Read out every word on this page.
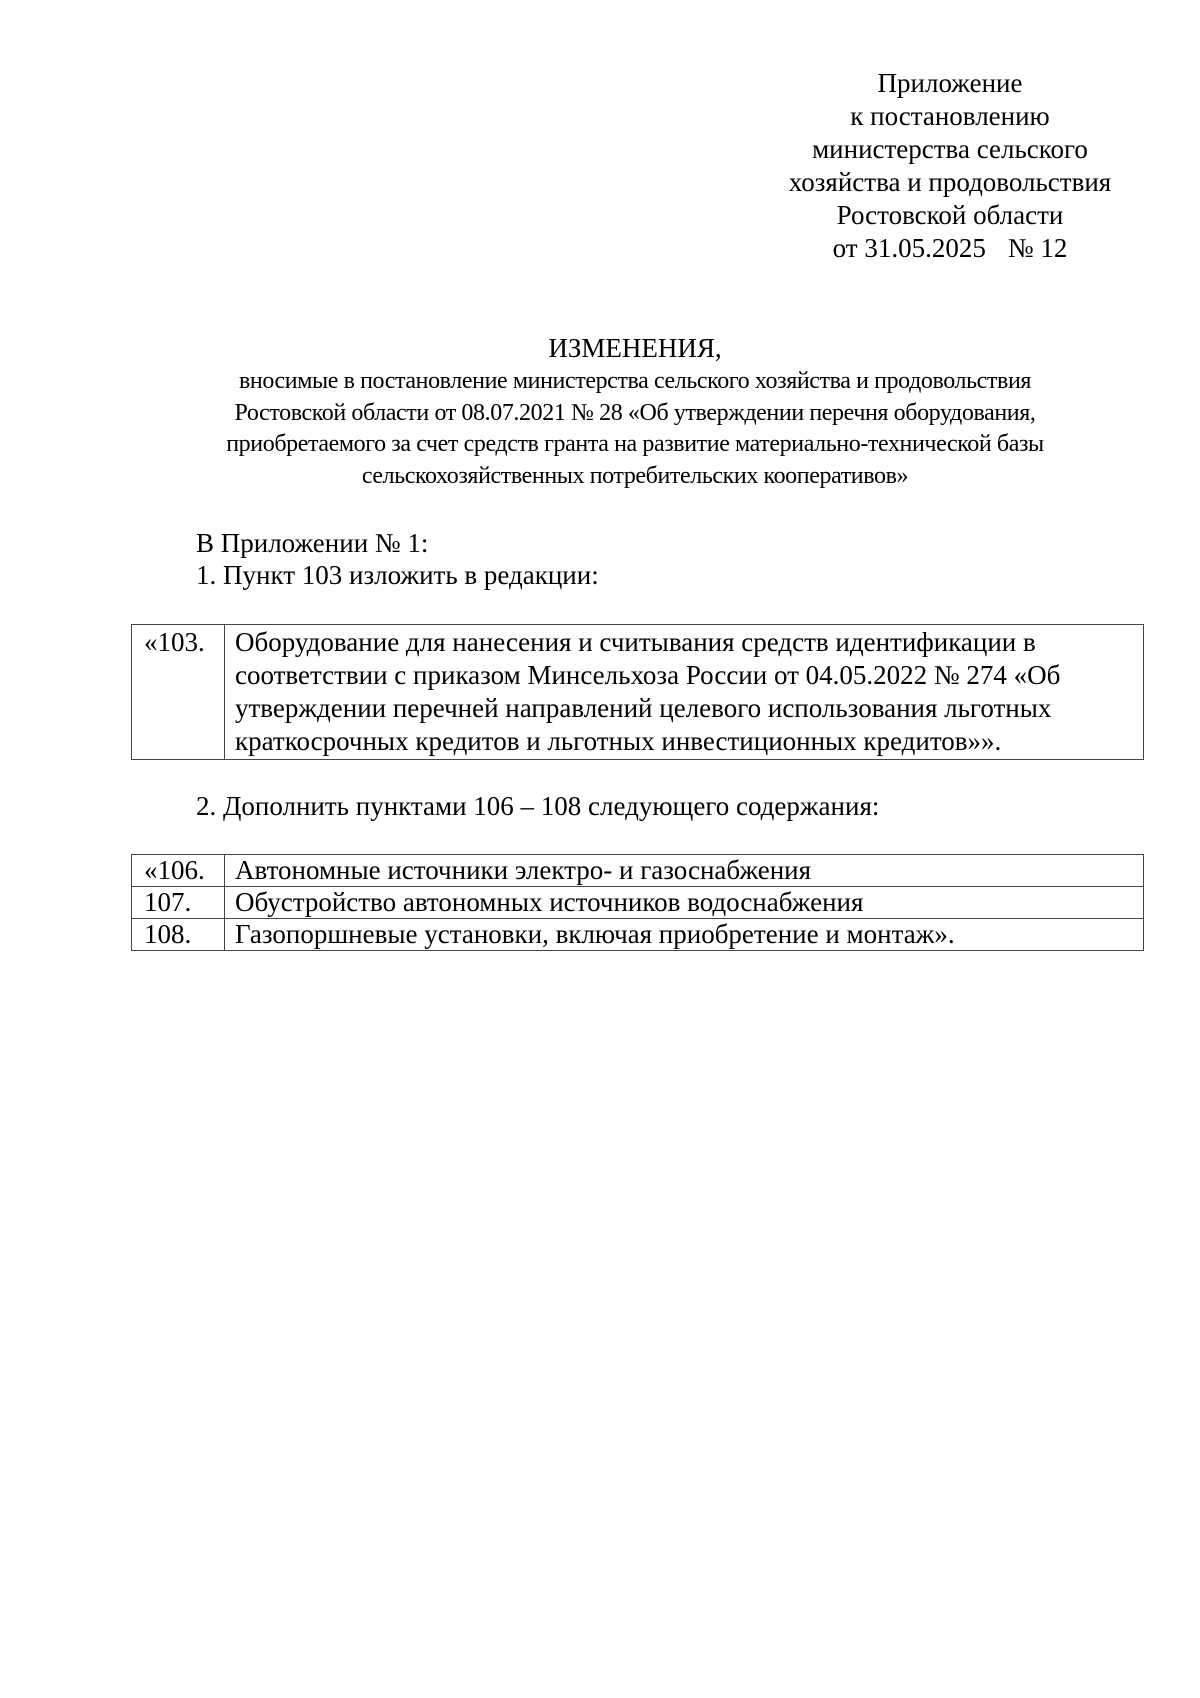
Приложение
к постановлению
министерства сельского
хозяйства и продовольствия
Ростовской области
от 31.05.2025 № 12
ИЗМЕНЕНИЯ,
вносимые в постановление министерства сельского хозяйства и продовольствия
Ростовской области от 08.07.2021 № 28 «Об утверждении перечня оборудования,
приобретаемого за счет средств гранта на развитие материально-технической базы
сельскохозяйственных потребительских кооперативов»
В Приложении № 1:
1. Пункт 103 изложить в редакции:
«103.	Оборудование для нанесения и считывания средств идентификации в
соответствии с приказом Минсельхоза России от 04.05.2022 № 274 «Об
утверждении перечней направлений целевого использования льготных
краткосрочных кредитов и льготных инвестиционных кредитов»».
2. Дополнить пунктами 106 – 108 следующего содержания:
«106.	Автономные источники электро- и газоснабжения
107.	Обустройство автономных источников водоснабжения
108.	Газопоршневые установки, включая приобретение и монтаж».
